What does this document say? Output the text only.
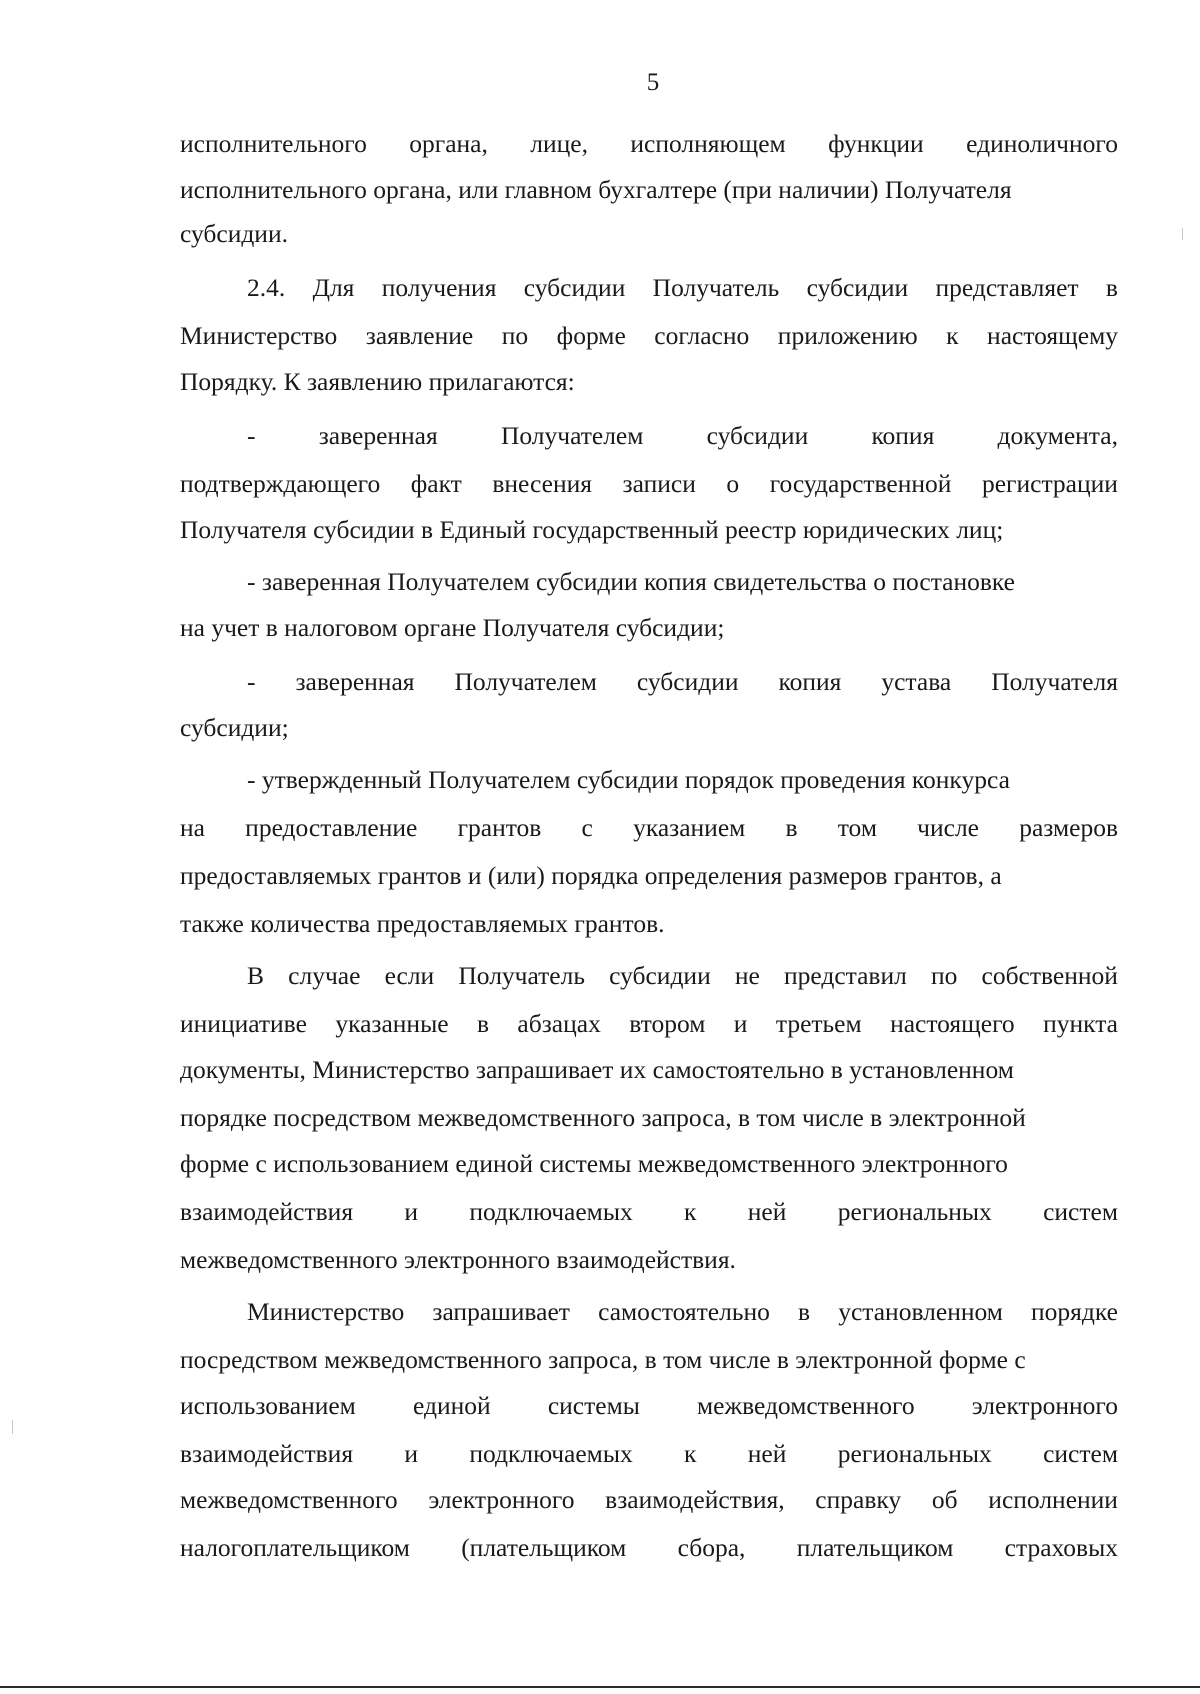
5
исполнительного органа, лице, исполняющем функции единоличного
исполнительного органа, или главном бухгалтере (при наличии) Получателя
субсидии.
2.4. Для получения субсидии Получатель субсидии представляет в
Министерство заявление по форме согласно приложению к настоящему
Порядку. К заявлению прилагаются:
- заверенная Получателем субсидии копия документа,
подтверждающего факт внесения записи о государственной регистрации
Получателя субсидии в Единый государственный реестр юридических лиц;
- заверенная Получателем субсидии копия свидетельства о постановке
на учет в налоговом органе Получателя субсидии;
- заверенная Получателем субсидии копия устава Получателя
субсидии;
- утвержденный Получателем субсидии порядок проведения конкурса
на предоставление грантов с указанием в том числе размеров
предоставляемых грантов и (или) порядка определения размеров грантов, а
также количества предоставляемых грантов.
В случае если Получатель субсидии не представил по собственной
инициативе указанные в абзацах втором и третьем настоящего пункта
документы, Министерство запрашивает их самостоятельно в установленном
порядке посредством межведомственного запроса, в том числе в электронной
форме с использованием единой системы межведомственного электронного
взаимодействия и подключаемых к ней региональных систем
межведомственного электронного взаимодействия.
Министерство запрашивает самостоятельно в установленном порядке
посредством межведомственного запроса, в том числе в электронной форме с
использованием единой системы межведомственного электронного
взаимодействия и подключаемых к ней региональных систем
межведомственного электронного взаимодействия, справку об исполнении
налогоплательщиком (плательщиком сбора, плательщиком страховых
